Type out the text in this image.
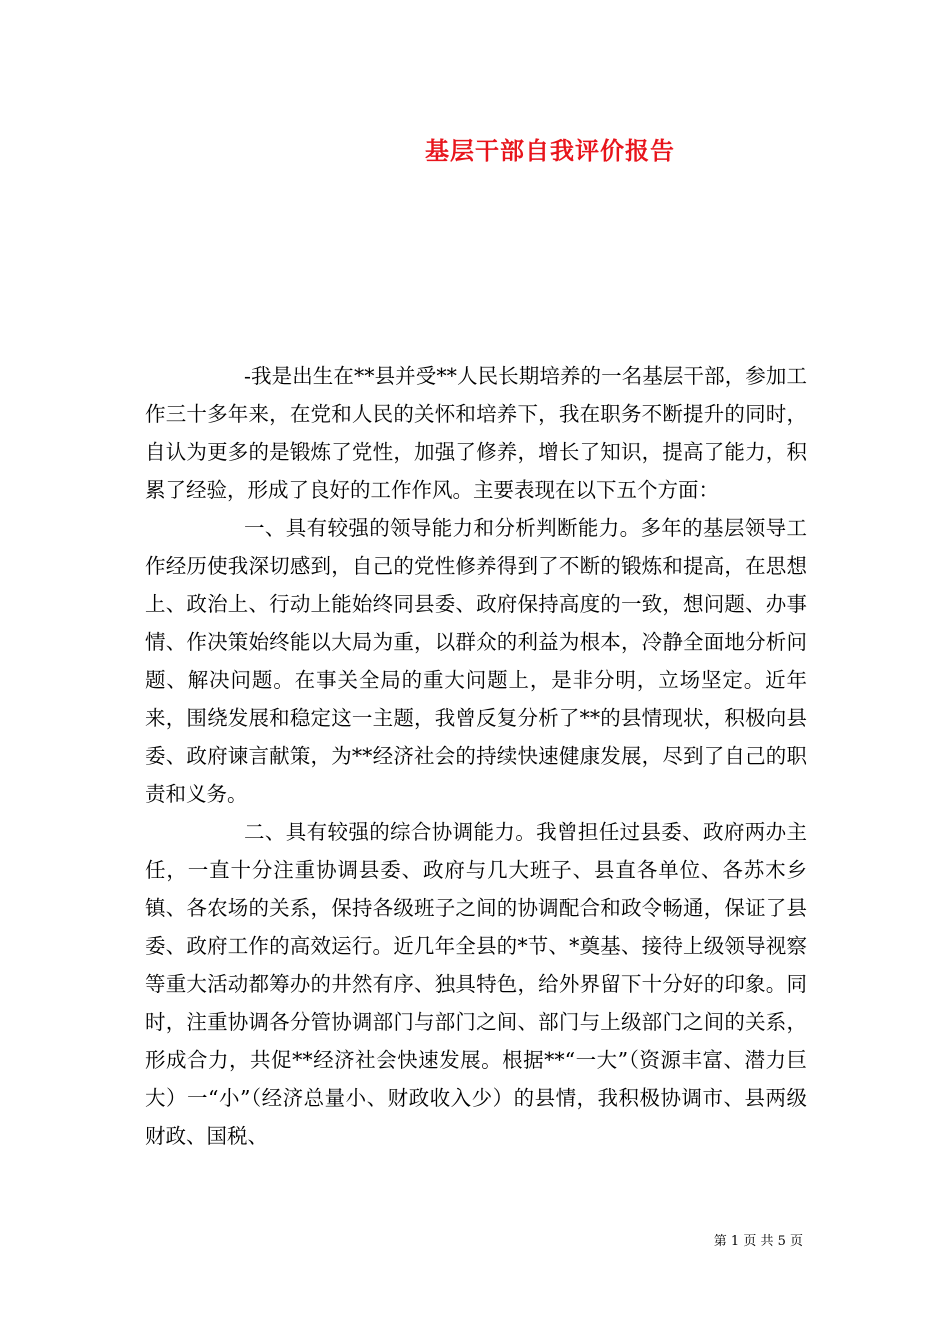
基层干部自我评价报告

-我是出生在**县并受**人民长期培养的一名基层干部，参加工作三十多年来，在党和人民的关怀和培养下，我在职务不断提升的同时，自认为更多的是锻炼了党性，加强了修养，增长了知识，提高了能力，积累了经验，形成了良好的工作作风。主要表现在以下五个方面：

一、具有较强的领导能力和分析判断能力。多年的基层领导工作经历使我深切感到，自己的党性修养得到了不断的锻炼和提高，在思想上、政治上、行动上能始终同县委、政府保持高度的一致，想问题、办事情、作决策始终能以大局为重，以群众的利益为根本，冷静全面地分析问题、解决问题。在事关全局的重大问题上，是非分明，立场坚定。近年来，围绕发展和稳定这一主题，我曾反复分析了**的县情现状，积极向县委、政府谏言献策，为**经济社会的持续快速健康发展，尽到了自己的职责和义务。

二、具有较强的综合协调能力。我曾担任过县委、政府两办主任，一直十分注重协调县委、政府与几大班子、县直各单位、各苏木乡镇、各农场的关系，保持各级班子之间的协调配合和政令畅通，保证了县委、政府工作的高效运行。近几年全县的*节、*奠基、接待上级领导视察等重大活动都筹办的井然有序、独具特色，给外界留下十分好的印象。同时，注重协调各分管协调部门与部门之间、部门与上级部门之间的关系，形成合力，共促**经济社会快速发展。根据**“一大”（资源丰富、潜力巨大）一“小”（经济总量小、财政收入少）的县情，我积极协调市、县两级财政、国税、

第 1 页 共 5 页
